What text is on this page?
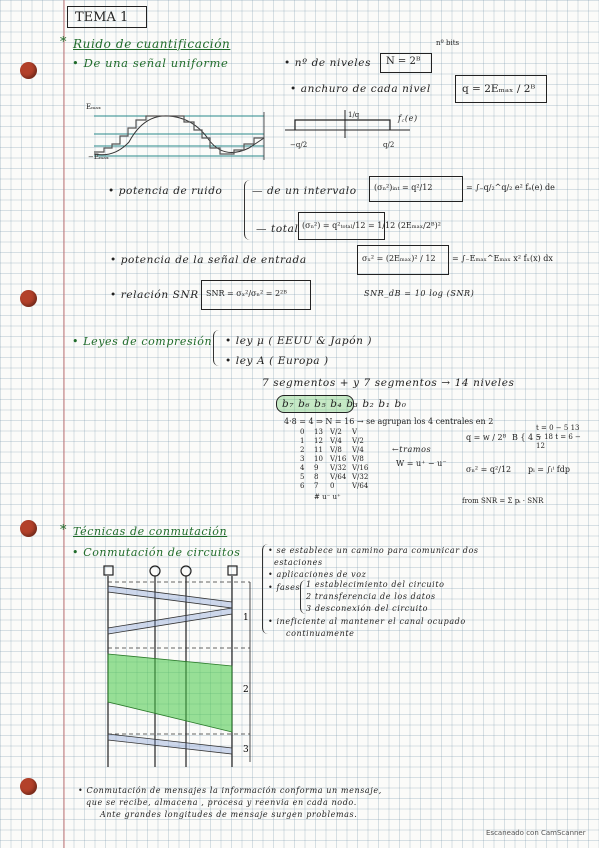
TEMA 1
nº bits
* Ruido de cuantificación
• De una señal uniforme	• nº de niveles N = 2ᴮ
• anchuro de cada nivel	q = 2Eₘₐₓ / 2ᴮ
Eₘₐₓ
−Eₘₐₓ
1/q	f꜀(e)
−q/2	q/2
• potencia de ruido	— de un intervalo (σₙ²)ᵢₙₜ = q²/12	= ∫₋q/₂^q/₂ e² fₑ(e) de
— total (σₙ²) = q²ₜₒₜₐₗ/12 = 1/12 (2Eₘₐₓ/2ᴮ)²
• potencia de la señal de entrada	σₓ² = (2Eₘₐₓ)² / 12 = ∫₋Eₘₐₓ^Eₘₐₓ x² fₓ(x) dx
• relación SNR SNR = σₓ²/σₙ² = 2²ᴮ	SNR_dB = 10 log (SNR)
• Leyes de compresión • ley μ ( EEUU & Japón )
• ley A ( Europa )
7 segmentos + y 7 segmentos → 14 niveles
b₇ b₆ b₅ b₄ b₃ b₂ b₁ b₀
4·8 = 4 ⇒ N = 16 → se agrupan los 4 centrales en 2
0 13 V/2 V
1 12 V/4 V/2
2 11 V/8 V/4
3 10 V/16 V/8
4 9 V/32 V/16
5 8 V/64 V/32
6 7 0	V/64
# u⁻ u⁺
←tramos
W = u⁺ − u⁻
q = w / 2ᴮ B { 4 5
t = 0 − 5 13 − 18 t = 6 − 12
σₙ² = q²/12 pᵢ = ∫ₗⁱ fdp
from SNR = Σ pᵢ · SNR
* Técnicas de conmutación
• Conmutación de circuitos	• se establece un camino para comunicar dos
estaciones
• aplicaciones de voz
• fases 1 establecimiento del circuito
2 transferencia de los datos
3 desconexión del circuito
• ineficiente al mantener el canal ocupado
continuamente
1
2
3
• Conmutación de mensajes la información conforma un mensaje,
que se recibe, almacena , procesa y reenvia en cada nodo.
Ante grandes longitudes de mensaje surgen problemas.
Escaneado con CamScanner
